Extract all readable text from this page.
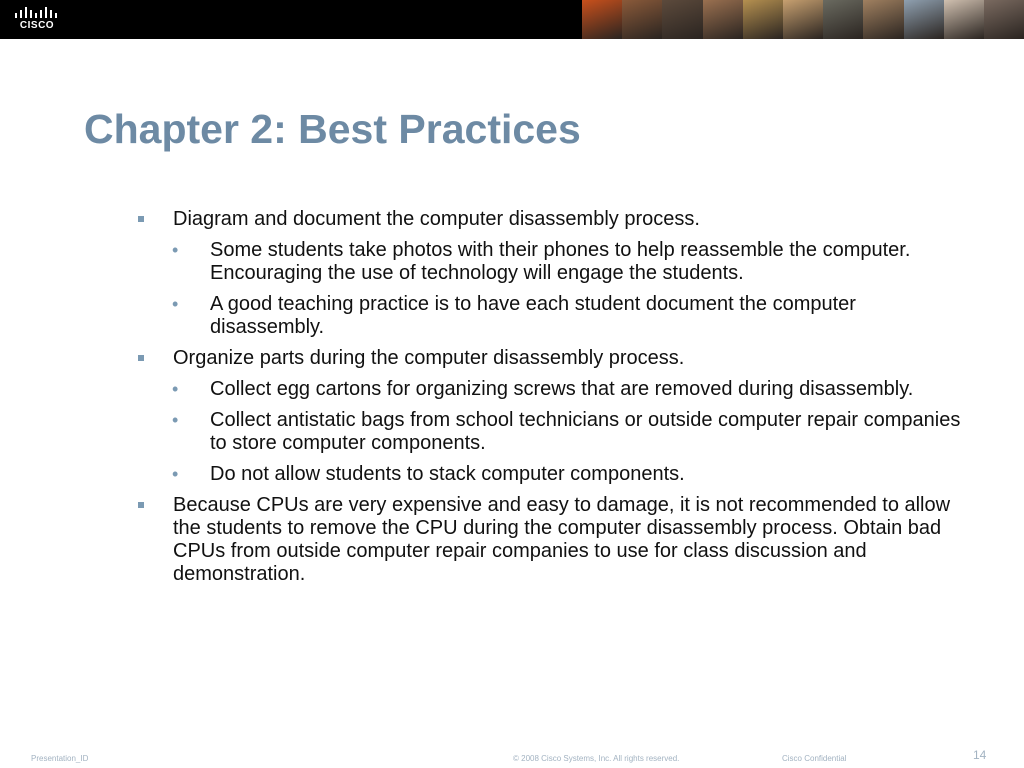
CISCO
Chapter 2: Best Practices
Diagram and document the computer disassembly process.
• Some students take photos with their phones to help reassemble the computer. Encouraging the use of technology will engage the students.
• A good teaching practice is to have each student document the computer disassembly.
Organize parts during the computer disassembly process.
• Collect egg cartons for organizing screws that are removed during disassembly.
• Collect antistatic bags from school technicians or outside computer repair companies to store computer components.
• Do not allow students to stack computer components.
Because CPUs are very expensive and easy to damage, it is not recommended to allow the students to remove the CPU during the computer disassembly process. Obtain bad CPUs from outside computer repair companies to use for class discussion and demonstration.
Presentation_ID	© 2008 Cisco Systems, Inc. All rights reserved.	Cisco Confidential	14
